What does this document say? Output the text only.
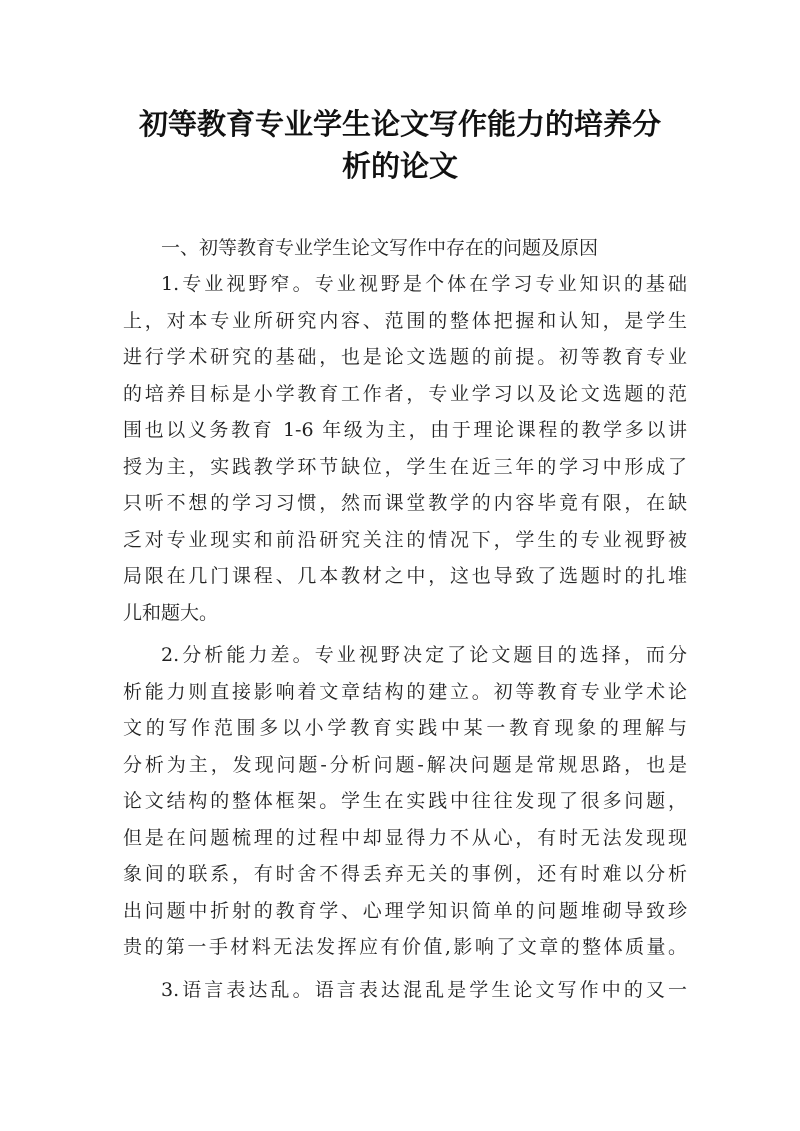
初等教育专业学生论文写作能力的培养分
析的论文
一、初等教育专业学生论文写作中存在的问题及原因
1.专业视野窄。专业视野是个体在学习专业知识的基础
上，对本专业所研究内容、范围的整体把握和认知，是学生
进行学术研究的基础，也是论文选题的前提。初等教育专业
的培养目标是小学教育工作者，专业学习以及论文选题的范
围也以义务教育 1-6 年级为主，由于理论课程的教学多以讲
授为主，实践教学环节缺位，学生在近三年的学习中形成了
只听不想的学习习惯，然而课堂教学的内容毕竟有限，在缺
乏对专业现实和前沿研究关注的情况下，学生的专业视野被
局限在几门课程、几本教材之中，这也导致了选题时的扎堆
儿和题大。
2.分析能力差。专业视野决定了论文题目的选择，而分
析能力则直接影响着文章结构的建立。初等教育专业学术论
文的写作范围多以小学教育实践中某一教育现象的理解与
分析为主，发现问题-分析问题-解决问题是常规思路，也是
论文结构的整体框架。学生在实践中往往发现了很多问题，
但是在问题梳理的过程中却显得力不从心，有时无法发现现
象间的联系，有时舍不得丢弃无关的事例，还有时难以分析
出问题中折射的教育学、心理学知识简单的问题堆砌导致珍
贵的第一手材料无法发挥应有价值,影响了文章的整体质量。
3.语言表达乱。语言表达混乱是学生论文写作中的又一
